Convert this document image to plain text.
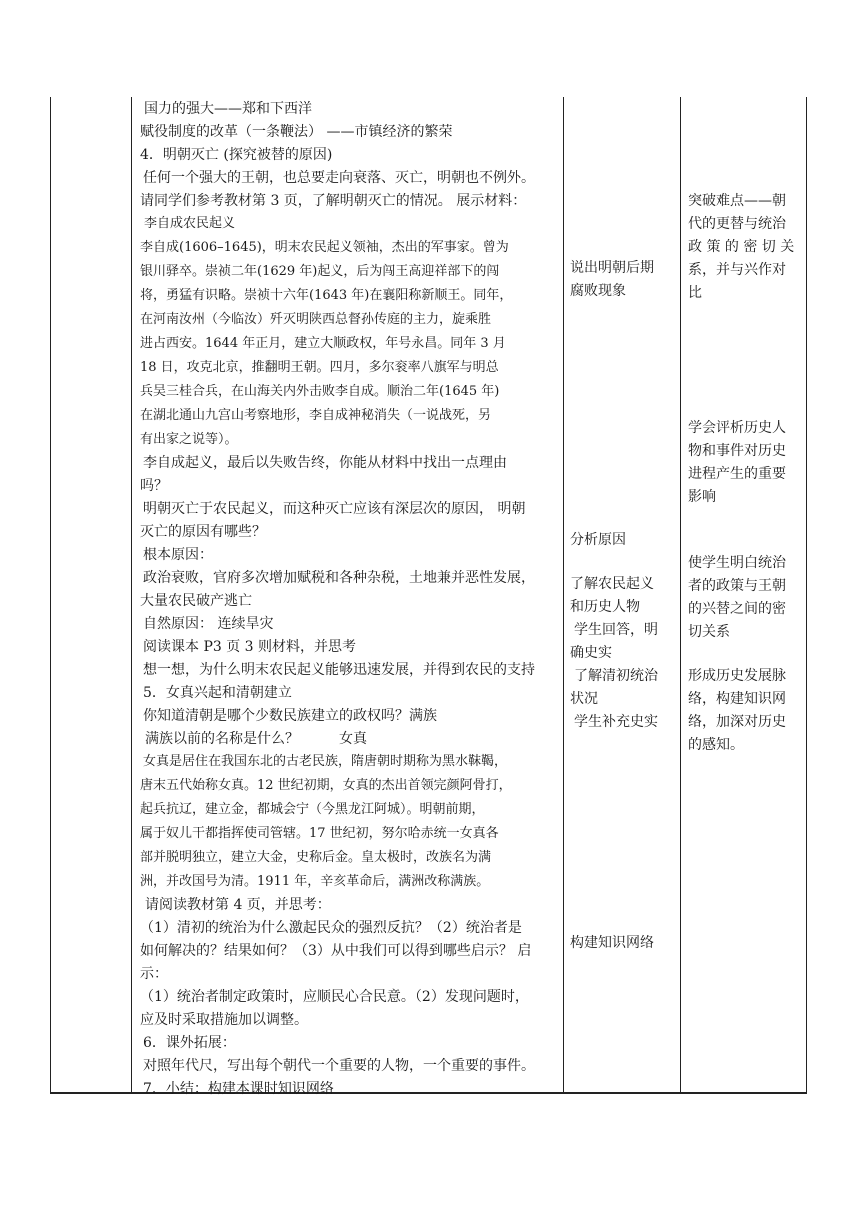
国力的强大——郑和下西洋
赋役制度的改革（一条鞭法） ——市镇经济的繁荣
4．明朝灭亡 (探究被替的原因)
任何一个强大的王朝，也总要走向衰落、灭亡，明朝也不例外。
请同学们参考教材第 3 页，了解明朝灭亡的情况。 展示材料：
李自成农民起义
李自成(1606–1645)，明末农民起义领袖，杰出的军事家。曾为
银川驿卒。崇祯二年(1629 年)起义，后为闯王高迎祥部下的闯
将，勇猛有识略。崇祯十六年(1643 年)在襄阳称新顺王。同年，
在河南汝州（今临汝）歼灭明陕西总督孙传庭的主力，旋乘胜
进占西安。1644 年正月，建立大顺政权，年号永昌。同年 3 月
18 日，攻克北京，推翻明王朝。四月，多尔衮率八旗军与明总
兵吴三桂合兵，在山海关内外击败李自成。顺治二年(1645 年)
在湖北通山九宫山考察地形，李自成神秘消失（一说战死，另
有出家之说等）。
李自成起义，最后以失败告终，你能从材料中找出一点理由
吗？
明朝灭亡于农民起义，而这种灭亡应该有深层次的原因， 明朝
灭亡的原因有哪些？
根本原因：
政治衰败，官府多次增加赋税和各种杂税，土地兼并恶性发展，
大量农民破产逃亡
自然原因： 连续旱灾
阅读课本 P3 页 3 则材料，并思考
想一想，为什么明末农民起义能够迅速发展，并得到农民的支持
5．女真兴起和清朝建立
你知道清朝是哪个少数民族建立的政权吗？满族
满族以前的名称是什么？         女真
女真是居住在我国东北的古老民族，隋唐朝时期称为黑水靺鞨，
唐末五代始称女真。12 世纪初期，女真的杰出首领完颜阿骨打，
起兵抗辽，建立金，都城会宁（今黑龙江阿城）。明朝前期，
属于奴儿干都指挥使司管辖。17 世纪初，努尔哈赤统一女真各
部并脱明独立，建立大金，史称后金。皇太极时，改族名为满
洲，并改国号为清。1911 年，辛亥革命后，满洲改称满族。
请阅读教材第 4 页，并思考：
（1）清初的统治为什么激起民众的强烈反抗？（2）统治者是
如何解决的？结果如何？（3）从中我们可以得到哪些启示？ 启
示：
（1）统治者制定政策时，应顺民心合民意。（2）发现问题时，
应及时采取措施加以调整。
6．课外拓展：
对照年代尺，写出每个朝代一个重要的人物，一个重要的事件。
7．小结：构建本课时知识网络
说出明朝后期
腐败现象
分析原因
了解农民起义
和历史人物
学生回答，明
确史实
了解清初统治
状况
学生补充史实
构建知识网络
突破难点——朝
代的更替与统治
政 策 的 密 切 关
系，并与兴作对
比
学会评析历史人
物和事件对历史
进程产生的重要
影响
使学生明白统治
者的政策与王朝
的兴替之间的密
切关系
形成历史发展脉
络，构建知识网
络，加深对历史
的感知。
